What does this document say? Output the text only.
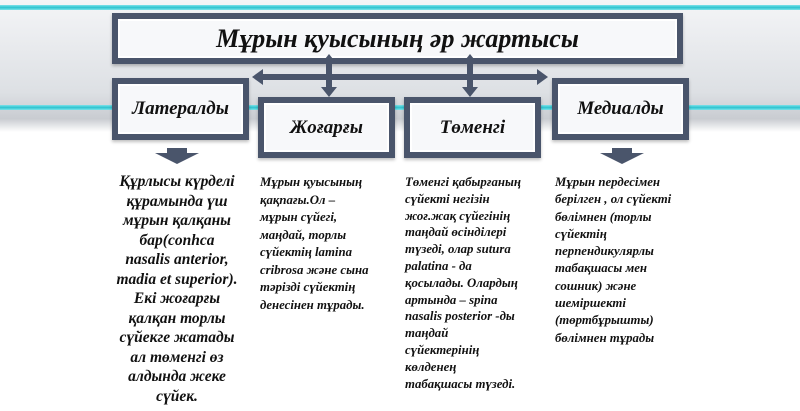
Мұрын қуысының әр жартысы
Латералды
Жоғарғы	Төменгі
Медиалды
Құрлысы күрделі
құрамында үш
мұрын қалқаны
бар(conhca
nasalis anterior,
madia et superior).
Екі жоғарғы
қалқан торлы
сүйекге жатады
ал төменгі өз
алдында жеке
сүйек.
Мұрын қуысының
қақпағы.Ол –
мұрын сүйегі,
маңдай, торлы
сүйектің lamina
cribrosa және сына
тәрізді сүйектің
денесінен тұрады.
Төменгі қабырғаның
сүйекті негізін
жоғ.жақ сүйегінің
таңдай өсінділері
түзеді, олар sutura
palatina - да
қосылады. Олардың
артында – spina
nasalis posterior -ды
таңдай
сүйектерінің
көлденең
табақшасы түзеді.
Мұрын пердесімен
берілген , ол сүйекті
бөлімнен (торлы
сүйектің
перпендикулярлы
табақшасы мен
сошник) және
шеміршекті
(төртбұрышты)
бөлімнен тұрады
